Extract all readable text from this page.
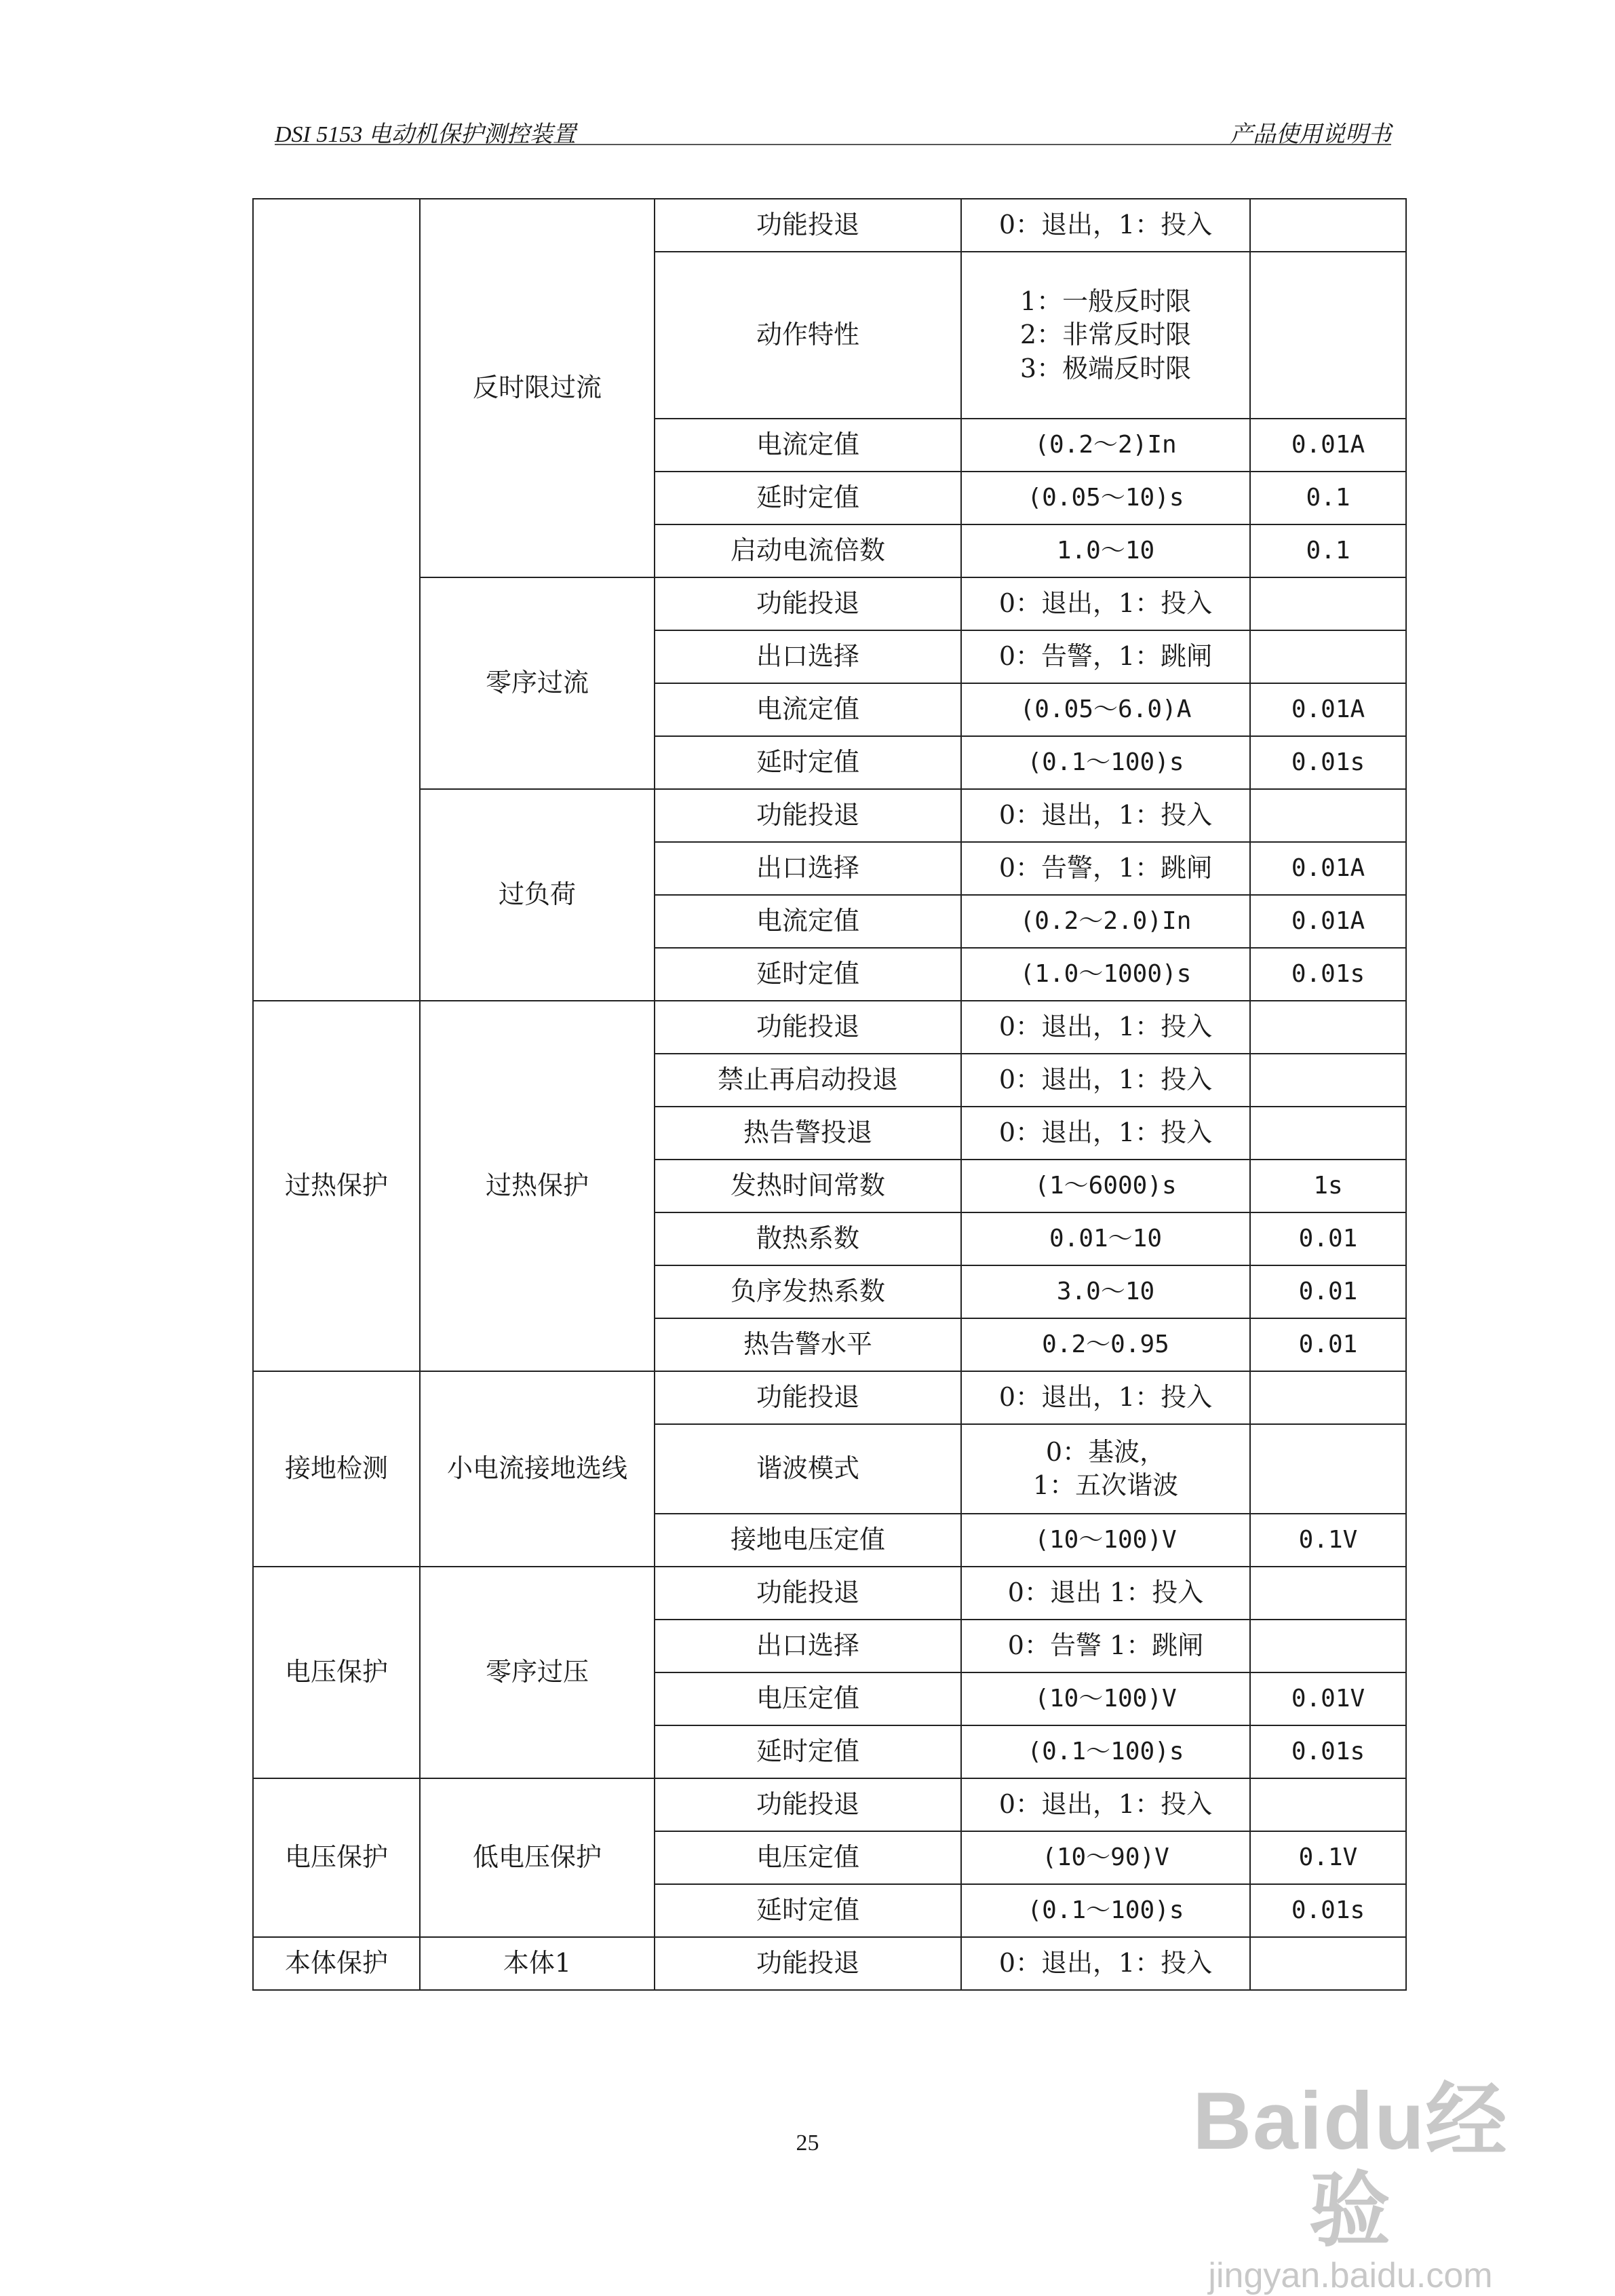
DSI 5153 电动机保护测控装置	产品使用说明书
	反时限过流	功能投退	0：退出，1：投入	
		动作特性	1：一般反时限
2：非常反时限
3：极端反时限	

		电流定值	(0.2～2)In	0.01A
		延时定值	(0.05～10)s	0.1
		启动电流倍数	1.0～10	0.1
	零序过流	功能投退	0：退出，1：投入	
		出口选择	0：告警，1：跳闸	
		电流定值	(0.05～6.0)A	0.01A
		延时定值	(0.1～100)s	0.01s
	过负荷	功能投退	0：退出，1：投入	
		出口选择	0：告警，1：跳闸	0.01A
		电流定值	(0.2～2.0)In	0.01A
		延时定值	(1.0～1000)s	0.01s
过热保护	过热保护	功能投退	0：退出，1：投入	
		禁止再启动投退	0：退出，1：投入	
		热告警投退	0：退出，1：投入	
		发热时间常数	(1～6000)s	1s
		散热系数	0.01～10	0.01
		负序发热系数	3.0～10	0.01
		热告警水平	0.2～0.95	0.01
接地检测	小电流接地选线	功能投退	0：退出，1：投入	
		谐波模式	0：基波，
1：五次谐波	

		接地电压定值	(10～100)V	0.1V
电压保护	零序过压	功能投退	0：退出 1：投入	
		出口选择	0：告警 1：跳闸	
		电压定值	(10～100)V	0.01V
		延时定值	(0.1～100)s	0.01s
电压保护	低电压保护	功能投退	0：退出，1：投入	
		电压定值	(10～90)V	0.1V
		延时定值	(0.1～100)s	0.01s
本体保护	本体1	功能投退	0：退出，1：投入	
25	Baidu经验
jingyan.baidu.com
